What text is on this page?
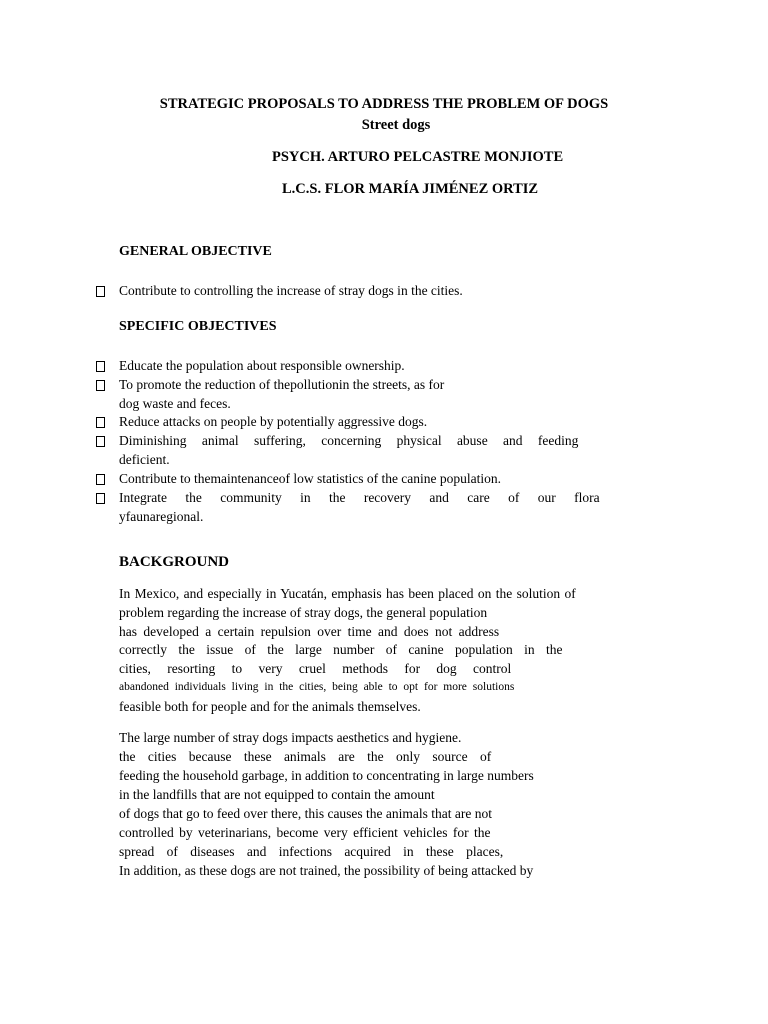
STRATEGIC PROPOSALS TO ADDRESS THE PROBLEM OF DOGS
Street dogs
PSYCH. ARTURO PELCASTRE MONJIOTE
L.C.S. FLOR MARÍA JIMÉNEZ ORTIZ
GENERAL OBJECTIVE
Contribute to controlling the increase of stray dogs in the cities.
SPECIFIC OBJECTIVES
Educate the population about responsible ownership.
To promote the reduction of thepollutionin the streets, as for
dog waste and feces.
Reduce attacks on people by potentially aggressive dogs.
Diminishing animal suffering, concerning physical abuse and feeding
deficient.
Contribute to themaintenanceof low statistics of the canine population.
Integrate the community in the recovery and care of our flora
yfaunaregional.
BACKGROUND
In Mexico, and especially in Yucatán, emphasis has been placed on the solution of
problem regarding the increase of stray dogs, the general population
has developed a certain repulsion over time and does not address
correctly the issue of the large number of canine population in the
cities, resorting to very cruel methods for dog control
abandoned individuals living in the cities, being able to opt for more solutions
feasible both for people and for the animals themselves.
The large number of stray dogs impacts aesthetics and hygiene.
the cities because these animals are the only source of
feeding the household garbage, in addition to concentrating in large numbers
in the landfills that are not equipped to contain the amount
of dogs that go to feed over there, this causes the animals that are not
controlled by veterinarians, become very efficient vehicles for the
spread of diseases and infections acquired in these places,
In addition, as these dogs are not trained, the possibility of being attacked by
